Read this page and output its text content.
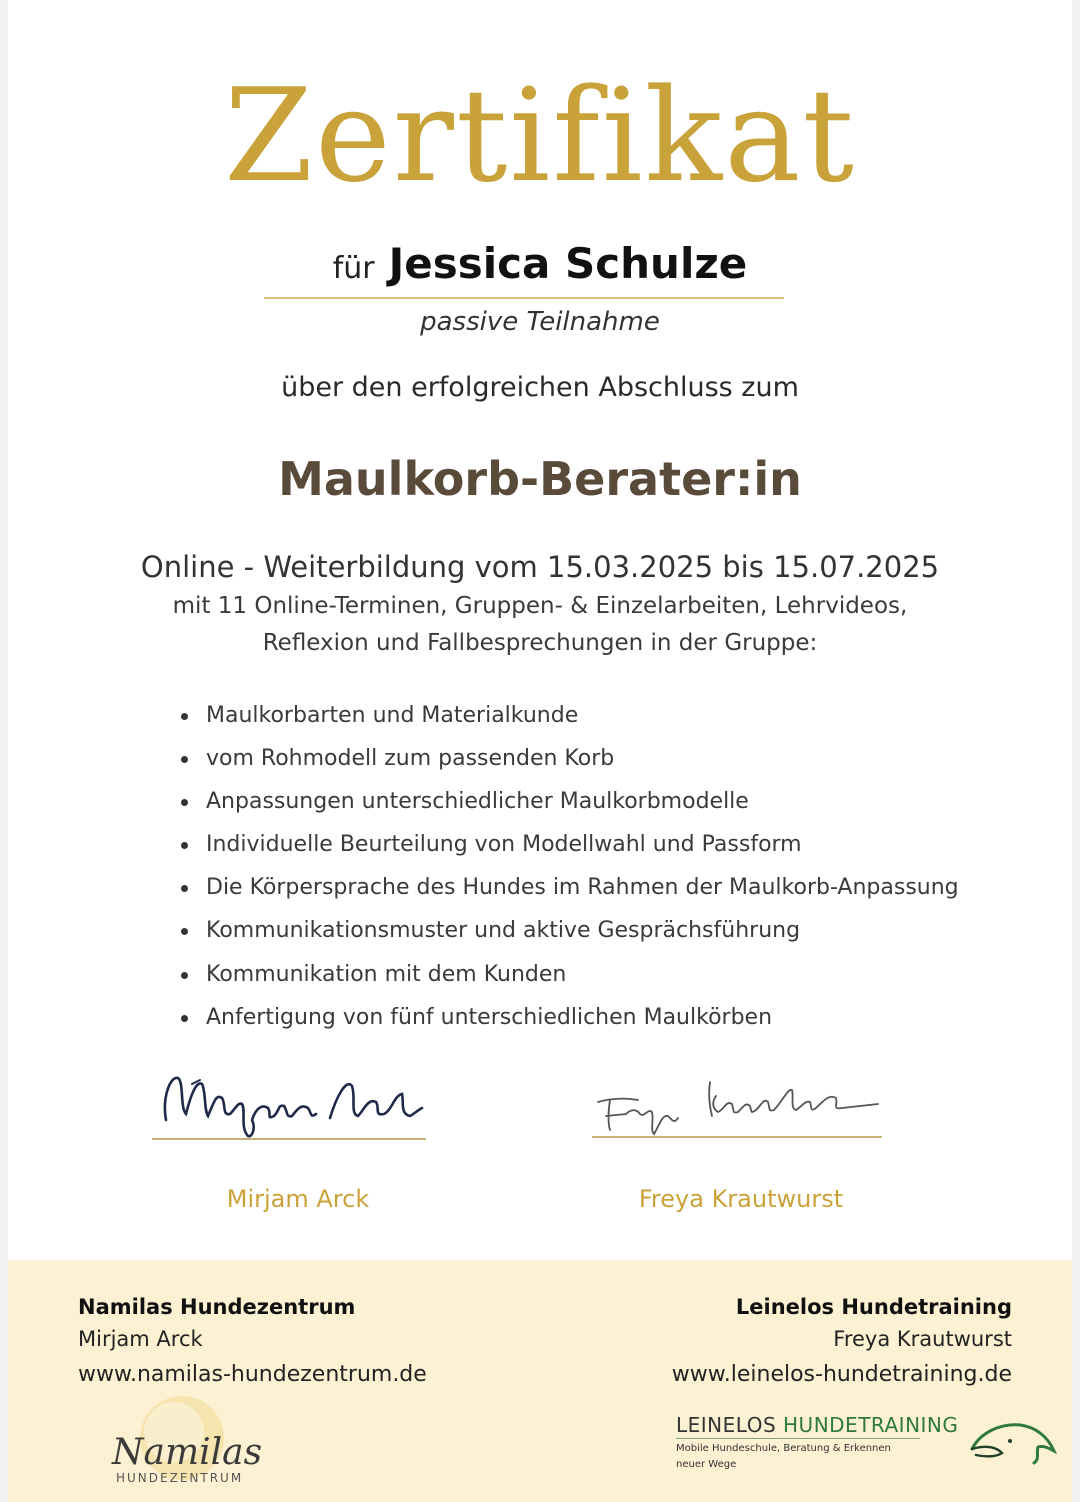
Zertifikat
für Jessica Schulze
passive Teilnahme
über den erfolgreichen Abschluss zum
Maulkorb-Berater:in
Online - Weiterbildung vom 15.03.2025 bis 15.07.2025
mit 11 Online-Terminen, Gruppen- & Einzelarbeiten, Lehrvideos,
Reflexion und Fallbesprechungen in der Gruppe:
Maulkorbarten und Materialkunde
vom Rohmodell zum passenden Korb
Anpassungen unterschiedlicher Maulkorbmodelle
Individuelle Beurteilung von Modellwahl und Passform
Die Körpersprache des Hundes im Rahmen der Maulkorb-Anpassung
Kommunikationsmuster und aktive Gesprächsführung
Kommunikation mit dem Kunden
Anfertigung von fünf unterschiedlichen Maulkörben
Mirjam Arck	Freya Krautwurst
Namilas Hundezentrum
Mirjam Arck
www.namilas-hundezentrum.de
Leinelos Hundetraining
Freya Krautwurst
www.leinelos-hundetraining.de
Namilas
HUNDEZENTRUM
LEINELOS HUNDETRAINING
Mobile Hundeschule, Beratung & Erkennen neuer Wege
